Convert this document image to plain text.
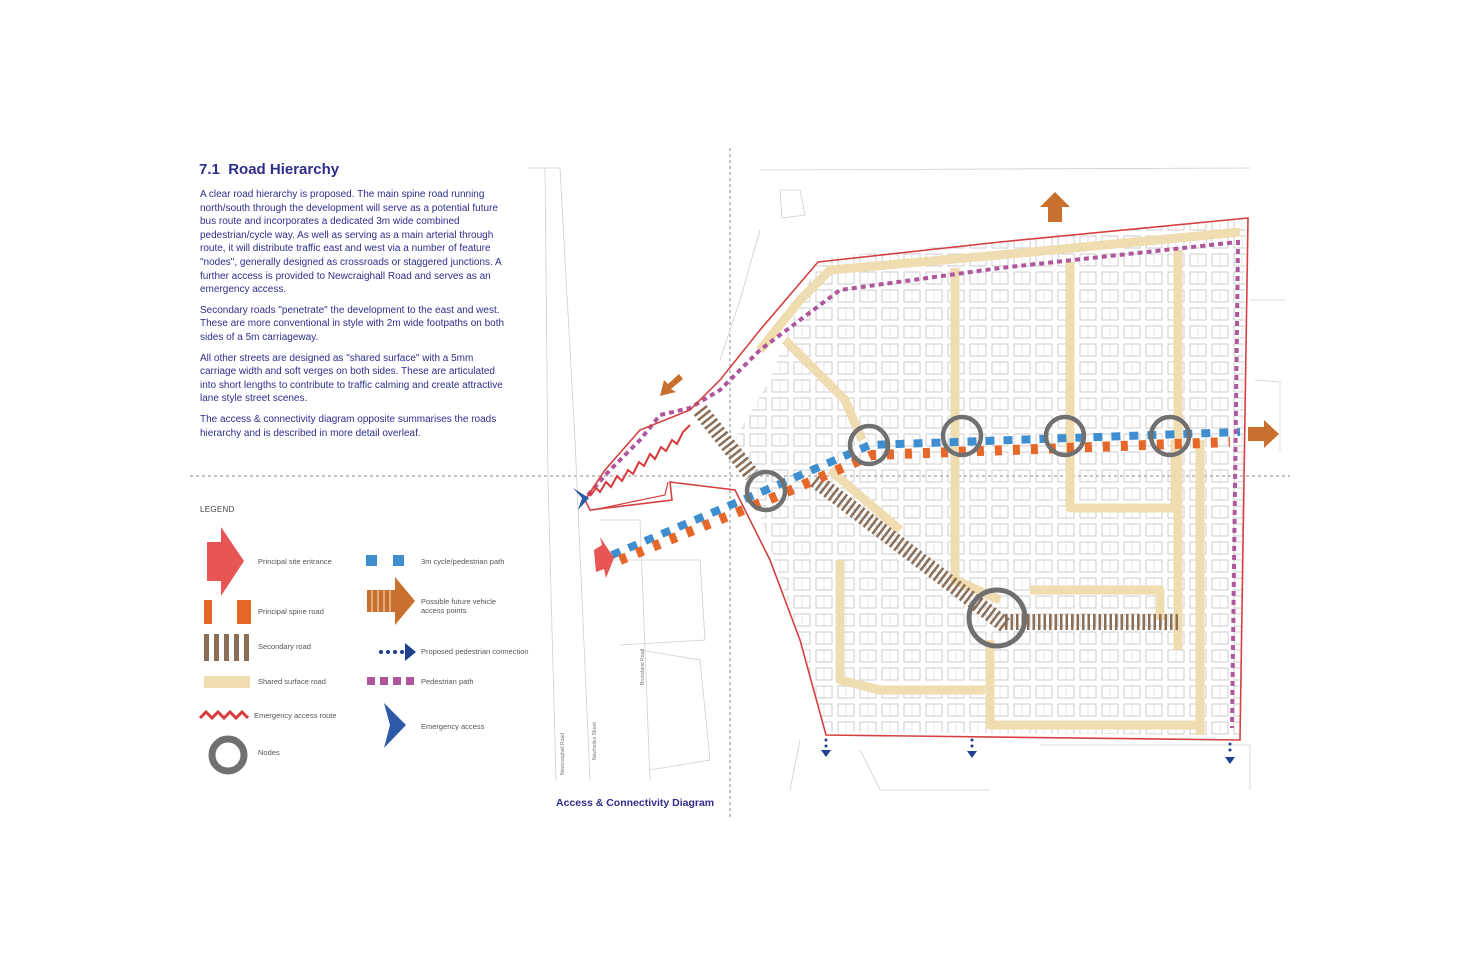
7.1 Road Hierarchy

A clear road hierarchy is proposed. The main spine road running north/south through the development will serve as a potential future bus route and incorporates a dedicated 3m wide combined pedestrian/cycle way. As well as serving as a main arterial through route, it will distribute traffic east and west via a number of feature "nodes", generally designed as crossroads or staggered junctions. A further access is provided to Newcraighall Road and serves as an emergency access.

Secondary roads "penetrate" the development to the east and west. These are more conventional in style with 2m wide footpaths on both sides of a 5m carriageway.

All other streets are designed as "shared surface" with a 5mm carriage width and soft verges on both sides. These are articulated into short lengths to contribute to traffic calming and create attractive lane style street scenes.

The access & connectivity diagram opposite summarises the roads hierarchy and is described in more detail overleaf.

LEGEND
Principal site entrance
Principal spine road
Secondary road
Shared surface road
Emergency access route
Nodes
3m cycle/pedestrian path
Possible future vehicle access points
Proposed pedestrian connection
Pedestrian path
Emergency access
Newcraighall Road
Brunstane Road
Newhailes Street
Access & Connectivity Diagram
